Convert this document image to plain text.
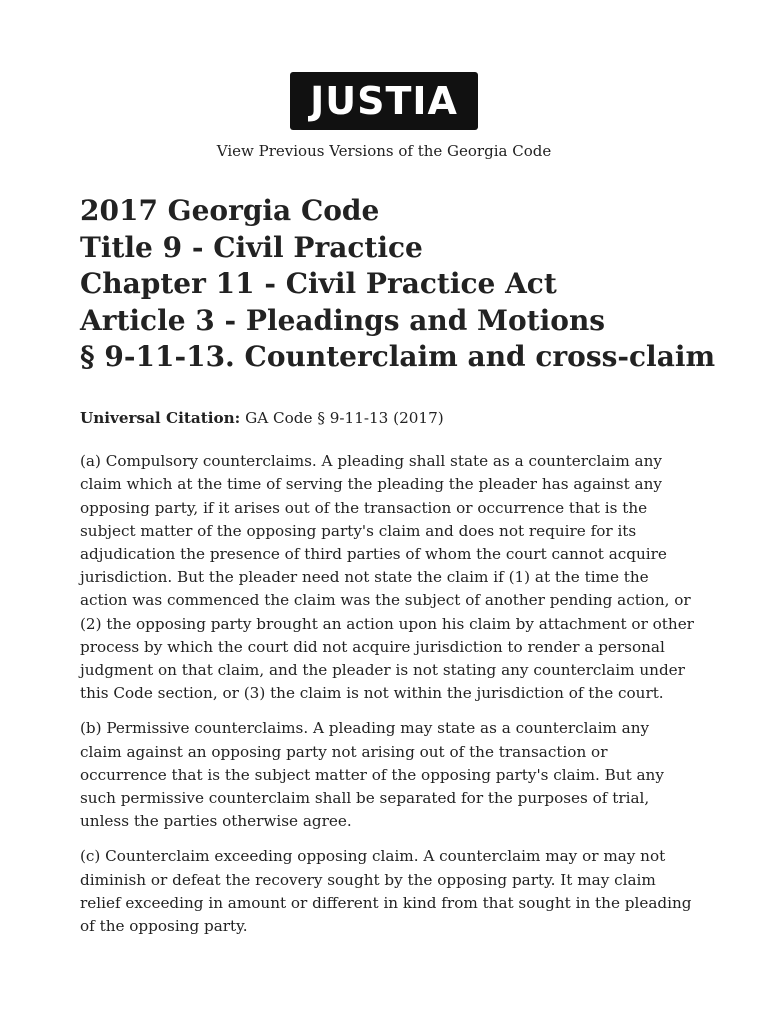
JUSTIA
View Previous Versions of the Georgia Code
2017 Georgia Code
Title 9 - Civil Practice
Chapter 11 - Civil Practice Act
Article 3 - Pleadings and Motions
§ 9-11-13. Counterclaim and cross-claim

Universal Citation: GA Code § 9-11-13 (2017)

(a) Compulsory counterclaims. A pleading shall state as a counterclaim any claim which at the time of serving the pleading the pleader has against any opposing party, if it arises out of the transaction or occurrence that is the subject matter of the opposing party's claim and does not require for its adjudication the presence of third parties of whom the court cannot acquire jurisdiction. But the pleader need not state the claim if (1) at the time the action was commenced the claim was the subject of another pending action, or (2) the opposing party brought an action upon his claim by attachment or other process by which the court did not acquire jurisdiction to render a personal judgment on that claim, and the pleader is not stating any counterclaim under this Code section, or (3) the claim is not within the jurisdiction of the court.

(b) Permissive counterclaims. A pleading may state as a counterclaim any claim against an opposing party not arising out of the transaction or occurrence that is the subject matter of the opposing party's claim. But any such permissive counterclaim shall be separated for the purposes of trial, unless the parties otherwise agree.

(c) Counterclaim exceeding opposing claim. A counterclaim may or may not diminish or defeat the recovery sought by the opposing party. It may claim relief exceeding in amount or different in kind from that sought in the pleading of the opposing party.
